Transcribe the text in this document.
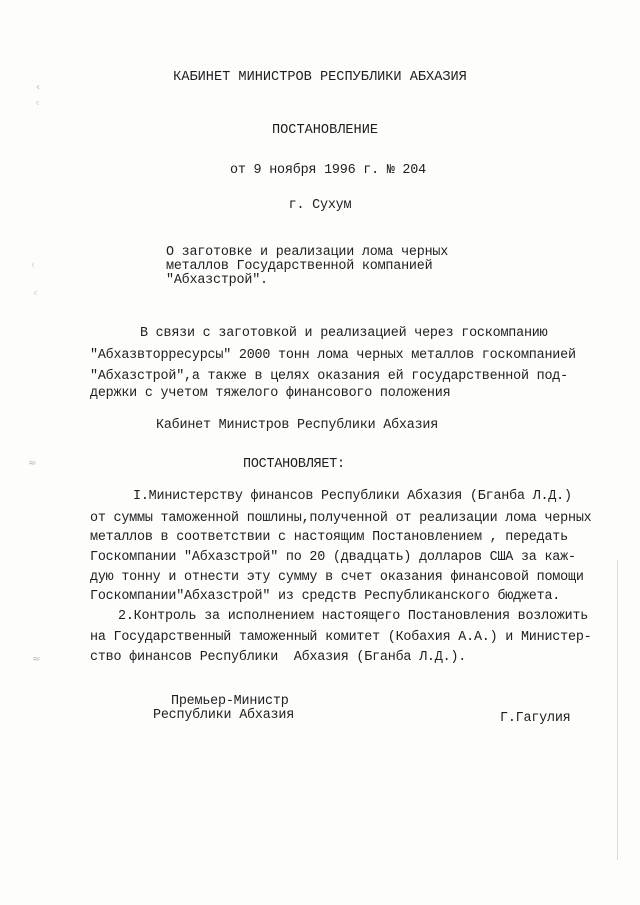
‹
ᶜ
⁽
ᶜ
≈
≈
КАБИНЕТ МИНИСТРОВ РЕСПУБЛИКИ АБХАЗИЯ
ПОСТАНОВЛЕНИЕ
от 9 ноября 1996 г. № 204
г. Сухум
О заготовке и реализации лома черных
металлов Государственной компанией
"Абхазстрой".
В связи с заготовкой и реализацией через госкомпанию
"Абхазвторресурсы" 2000 тонн лома черных металлов госкомпанией
"Абхазстрой",а также в целях оказания ей государственной под-
держки с учетом тяжелого финансового положения
Кабинет Министров Республики Абхазия
ПОСТАНОВЛЯЕТ:
I.Министерству финансов Республики Абхазия (Бганба Л.Д.)
от суммы таможенной пошлины,полученной от реализации лома черных
металлов в соответствии с настоящим Постановлением , передать
Госкомпании "Абхазстрой" по 20 (двадцать) долларов США за каж-
дую тонну и отнести эту сумму в счет оказания финансовой помощи
Госкомпании"Абхазстрой" из средств Республиканского бюджета.
2.Контроль за исполнением настоящего Постановления возложить
на Государственный таможенный комитет (Кобахия А.А.) и Министер-
ство финансов Республики  Абхазия (Бганба Л.Д.).
Премьер-Министр
Республики Абхазия	Г.Гагулия
